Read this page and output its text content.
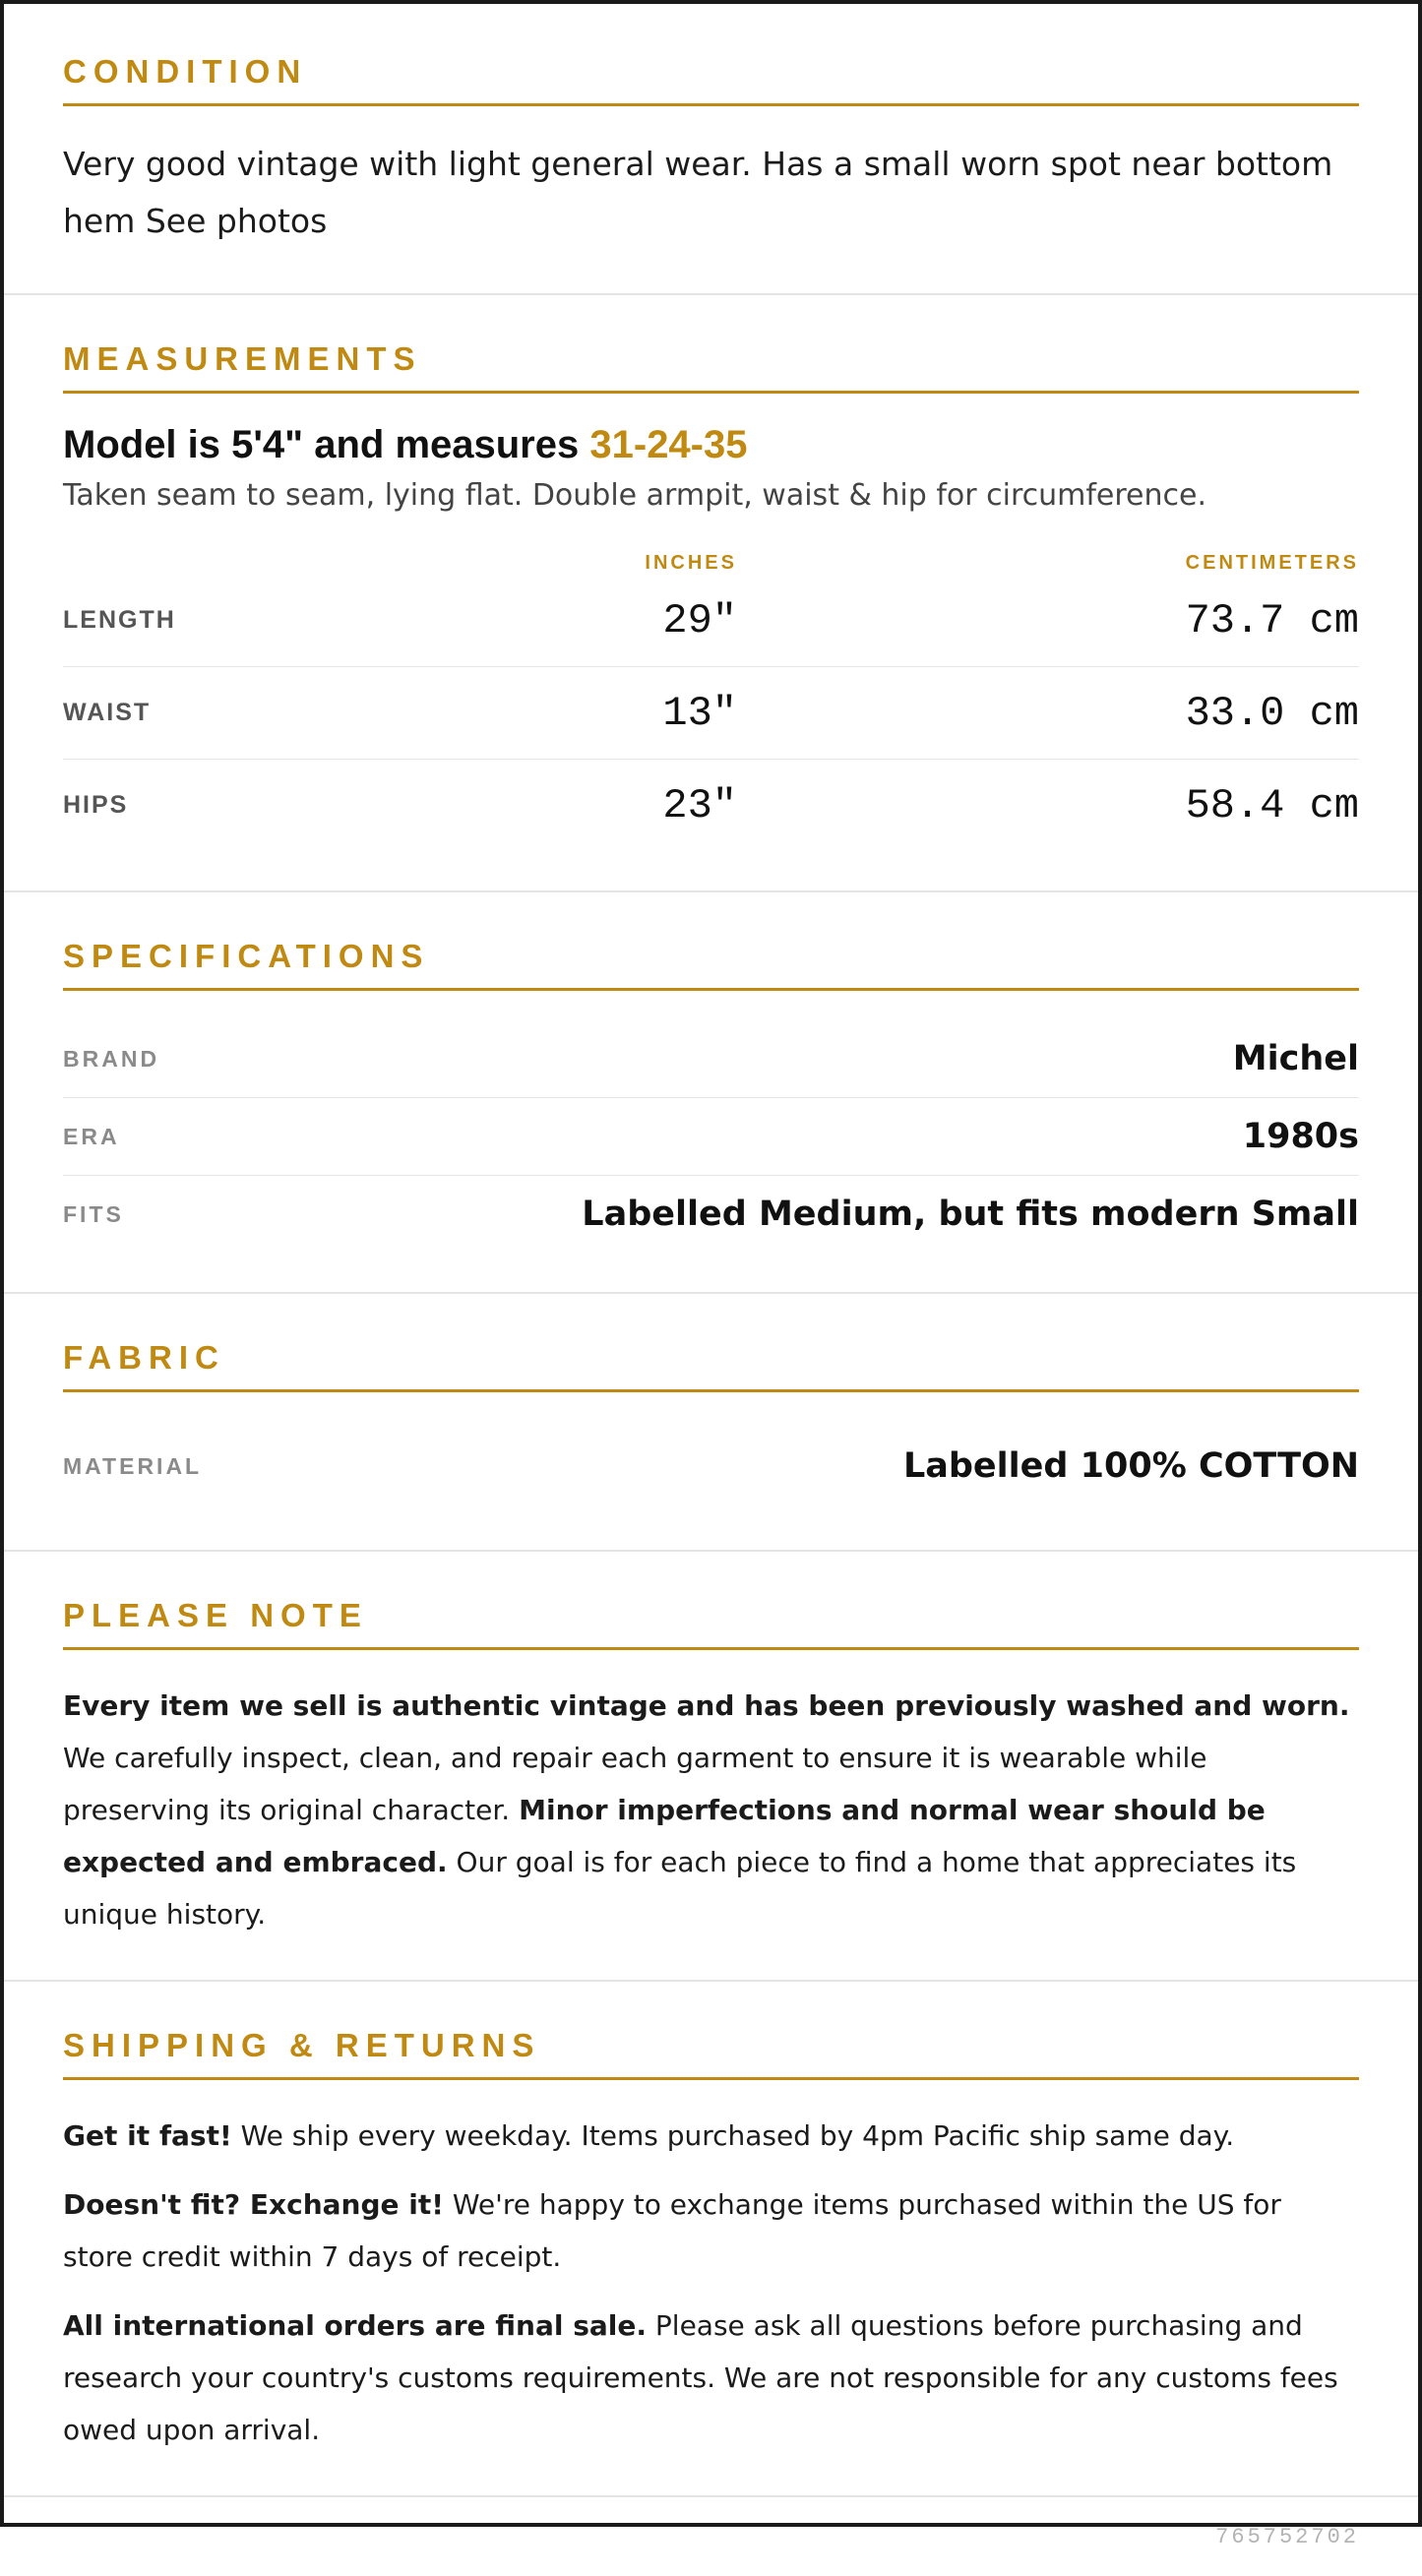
CONDITION
Very good vintage with light general wear. Has a small worn spot near bottom hem See photos
MEASUREMENTS
Model is 5'4" and measures 31-24-35
Taken seam to seam, lying flat. Double armpit, waist & hip for circumference.
INCHES	CENTIMETERS
LENGTH	29"	73.7 cm
WAIST	13"	33.0 cm
HIPS	23"	58.4 cm
SPECIFICATIONS
BRAND	Michel
ERA	1980s
FITS	Labelled Medium, but fits modern Small
FABRIC
MATERIAL	Labelled 100% COTTON
PLEASE NOTE
Every item we sell is authentic vintage and has been previously washed and worn. We carefully inspect, clean, and repair each garment to ensure it is wearable while preserving its original character. Minor imperfections and normal wear should be expected and embraced. Our goal is for each piece to find a home that appreciates its unique history.
SHIPPING & RETURNS

Get it fast! We ship every weekday. Items purchased by 4pm Pacific ship same day.

Doesn't fit? Exchange it! We're happy to exchange items purchased within the US for store credit within 7 days of receipt.

All international orders are final sale. Please ask all questions before purchasing and research your country's customs requirements. We are not responsible for any customs fees owed upon arrival.

765752702
